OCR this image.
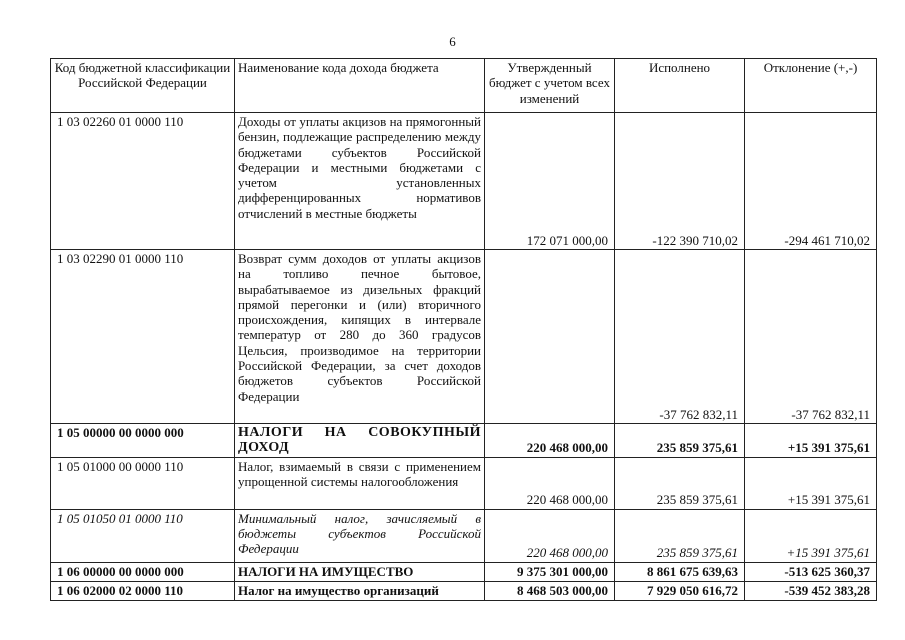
6
Код бюджетной классификации Российской Федерации	Наименование кода дохода бюджета	Утвержденный бюджет с учетом всех изменений	Исполнено	Отклонение (+,-)
1 03 02260 01 0000 110	Доходы от уплаты акцизов на прямогонный бензин, подлежащие распределению между бюджетами субъектов Российской Федерации и местными бюджетами с учетом установленных дифференцированных нормативов отчислений в местные бюджеты	172 071 000,00	-122 390 710,02	-294 461 710,02
1 03 02290 01 0000 110	Возврат сумм доходов от уплаты акцизов на топливо печное бытовое, вырабатываемое из дизельных фракций прямой перегонки и (или) вторичного происхождения, кипящих в интервале температур от 280 до 360 градусов Цельсия, производимое на территории Российской Федерации, за счет доходов бюджетов субъектов Российской Федерации		-37 762 832,11	-37 762 832,11
1 05 00000 00 0000 000	НАЛОГИ НА СОВОКУПНЫЙ ДОХОД	220 468 000,00	235 859 375,61	+15 391 375,61
1 05 01000 00 0000 110	Налог, взимаемый в связи с применением упрощенной системы налогообложения	220 468 000,00	235 859 375,61	+15 391 375,61
1 05 01050 01 0000 110	Минимальный налог, зачисляемый в бюджеты субъектов Российской Федерации	220 468 000,00	235 859 375,61	+15 391 375,61
1 06 00000 00 0000 000	НАЛОГИ НА ИМУЩЕСТВО	9 375 301 000,00	8 861 675 639,63	-513 625 360,37
1 06 02000 02 0000 110	Налог на имущество организаций	8 468 503 000,00	7 929 050 616,72	-539 452 383,28
